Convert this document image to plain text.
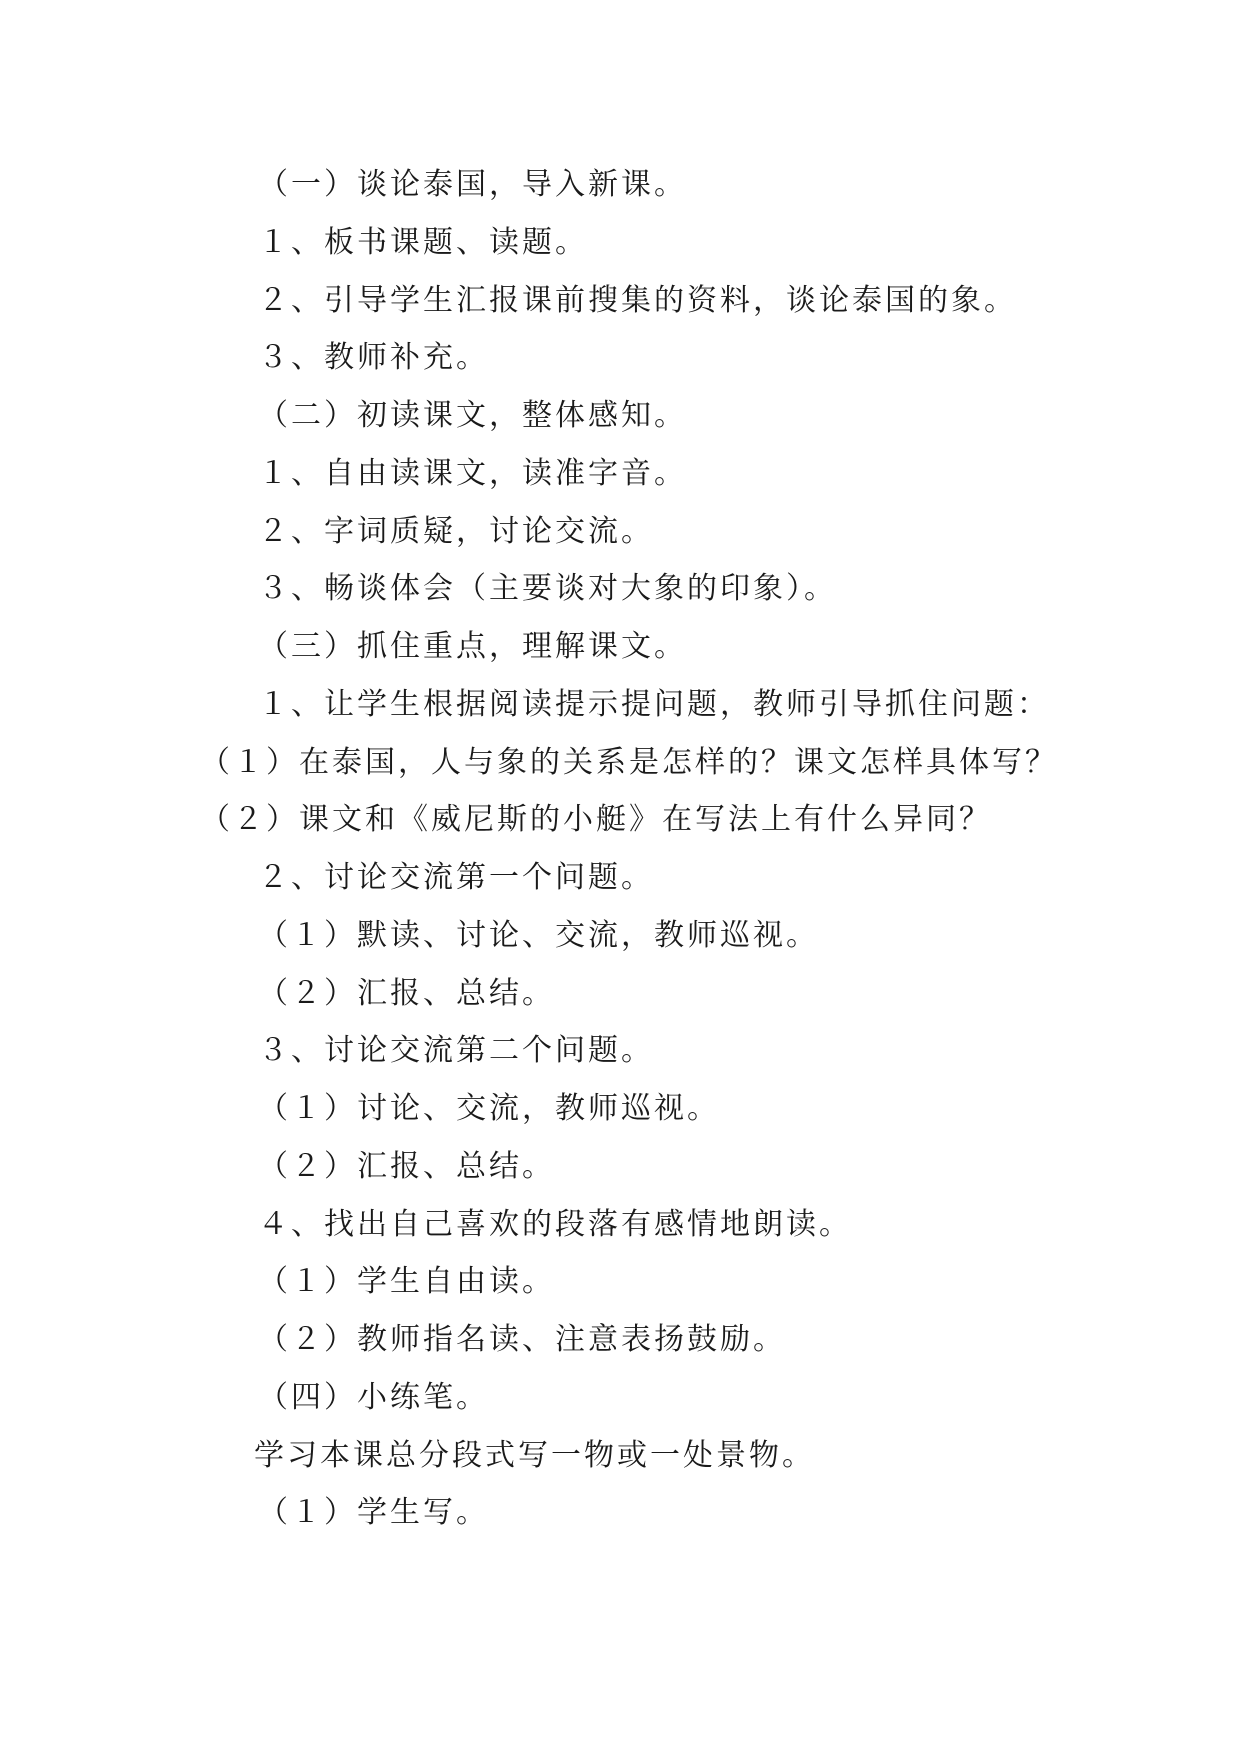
（一）谈论泰国，导入新课。
１、板书课题、读题。
２、引导学生汇报课前搜集的资料，谈论泰国的象。
３、教师补充。
（二）初读课文，整体感知。
１、自由读课文，读准字音。
２、字词质疑，讨论交流。
３、畅谈体会（主要谈对大象的印象）。
（三）抓住重点，理解课文。
１、让学生根据阅读提示提问题，教师引导抓住问题：
（１）在泰国，人与象的关系是怎样的？课文怎样具体写？
（２）课文和《威尼斯的小艇》在写法上有什么异同？
２、讨论交流第一个问题。
（１）默读、讨论、交流，教师巡视。
（２）汇报、总结。
３、讨论交流第二个问题。
（１）讨论、交流，教师巡视。
（２）汇报、总结。
４、找出自己喜欢的段落有感情地朗读。
（１）学生自由读。
（２）教师指名读、注意表扬鼓励。
（四）小练笔。
学习本课总分段式写一物或一处景物。
（１）学生写。
